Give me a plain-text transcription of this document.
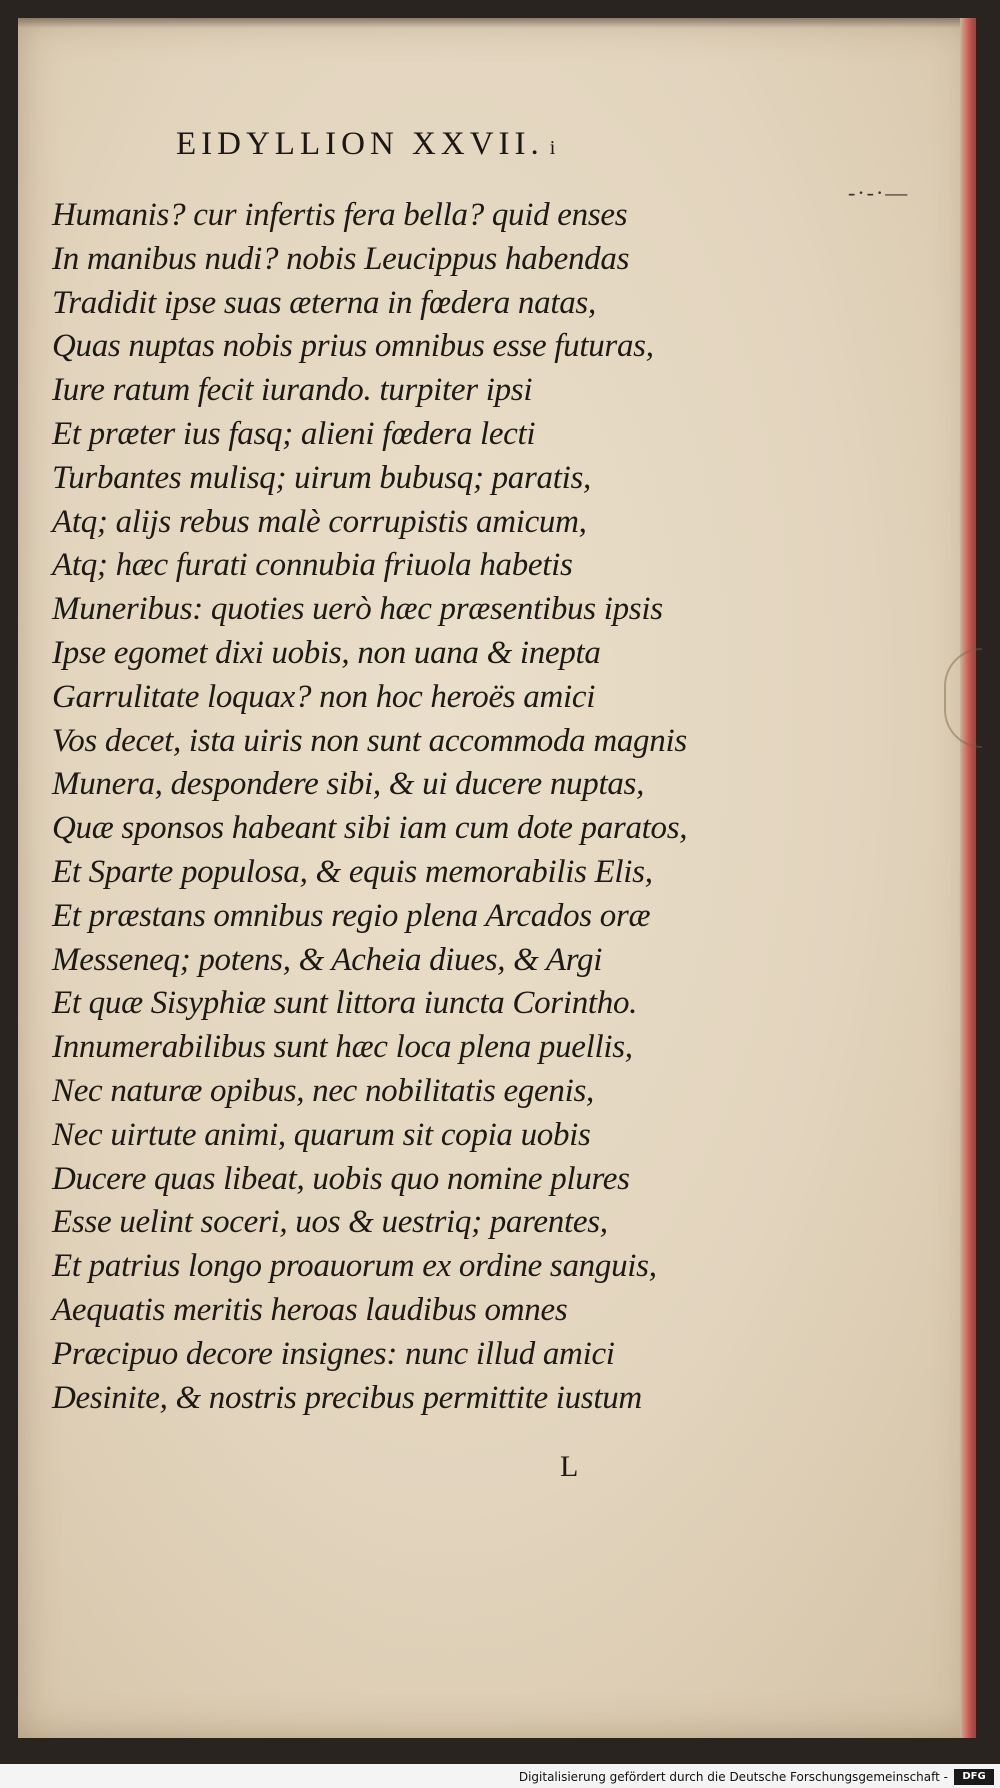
EIDYLLION XXVII. i
-·-·—
Humanis? cur infertis fera bella? quid enses
In manibus nudi? nobis Leucippus habendas
Tradidit ipse suas æterna in fœdera natas,
Quas nuptas nobis prius omnibus esse futuras,
Iure ratum fecit iurando. turpiter ipsi
Et præter ius fasq; alieni fœdera lecti
Turbantes mulisq; uirum bubusq; paratis,
Atq; alijs rebus malè corrupistis amicum,
Atq; hæc furati connubia friuola habetis
Muneribus: quoties uerò hæc præsentibus ipsis
Ipse egomet dixi uobis, non uana & inepta
Garrulitate loquax? non hoc heroës amici
Vos decet, ista uiris non sunt accommoda magnis
Munera, despondere sibi, & ui ducere nuptas,
Quæ sponsos habeant sibi iam cum dote paratos,
Et Sparte populosa, & equis memorabilis Elis,
Et præstans omnibus regio plena Arcados oræ
Messeneq; potens, & Acheia diues, & Argi
Et quæ Sisyphiæ sunt littora iuncta Corintho.
Innumerabilibus sunt hæc loca plena puellis,
Nec naturæ opibus, nec nobilitatis egenis,
Nec uirtute animi, quarum sit copia uobis
Ducere quas libeat, uobis quo nomine plures
Esse uelint soceri, uos & uestriq; parentes,
Et patrius longo proauorum ex ordine sanguis,
Aequatis meritis heroas laudibus omnes
Præcipuo decore insignes: nunc illud amici
Desinite, & nostris precibus permittite iustum
L
Digitalisierung gefördert durch die Deutsche Forschungsgemeinschaft -	DFG
